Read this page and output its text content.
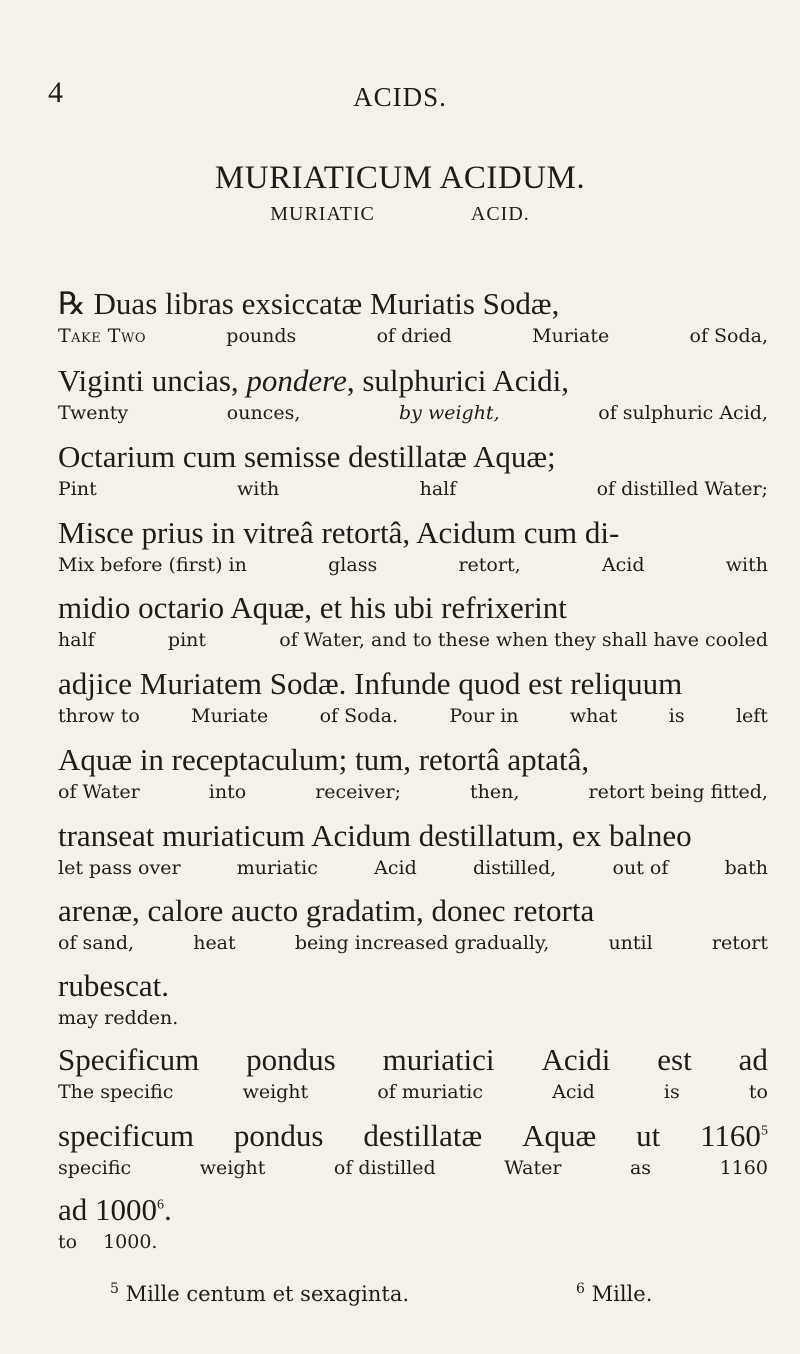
4	ACIDS.
MURIATICUM ACIDUM.
MURIATIC	ACID.
℞ Duas libras exsiccatæ Muriatis Sodæ,
Take Two	pounds	of dried	Muriate	of Soda,
Viginti uncias, pondere, sulphurici Acidi,
Twenty	ounces,	by weight,	of sulphuric Acid,
Octarium cum semisse destillatæ Aquæ;
Pint	with	half	of distilled Water;
Misce prius in vitreâ retortâ, Acidum cum di-
Mix before (first) in	glass	retort,	Acid	with
midio octario Aquæ, et his ubi refrixerint
half	pint	of Water, and to these when they shall have cooled
adjice Muriatem Sodæ. Infunde quod est reliquum
throw to	Muriate	of Soda.	Pour in	what	is	left
Aquæ in receptaculum; tum, retortâ aptatâ,
of Water	into	receiver;	then,	retort being fitted,
transeat muriaticum Acidum destillatum, ex balneo
let pass over	muriatic	Acid	distilled,	out of	bath
arenæ, calore aucto gradatim, donec retorta
of sand,	heat	being increased gradually,	until	retort
rubescat.
may redden.
Specificum pondus muriatici Acidi est ad
The specific	weight	of muriatic	Acid	is	to
specificum pondus destillatæ Aquæ ut 1160$^5$
specific	weight	of distilled	Water	as	1160
ad 1000$^6$.
to 1000.
$^5$ Mille centum et sexaginta.	$^6$ Mille.
